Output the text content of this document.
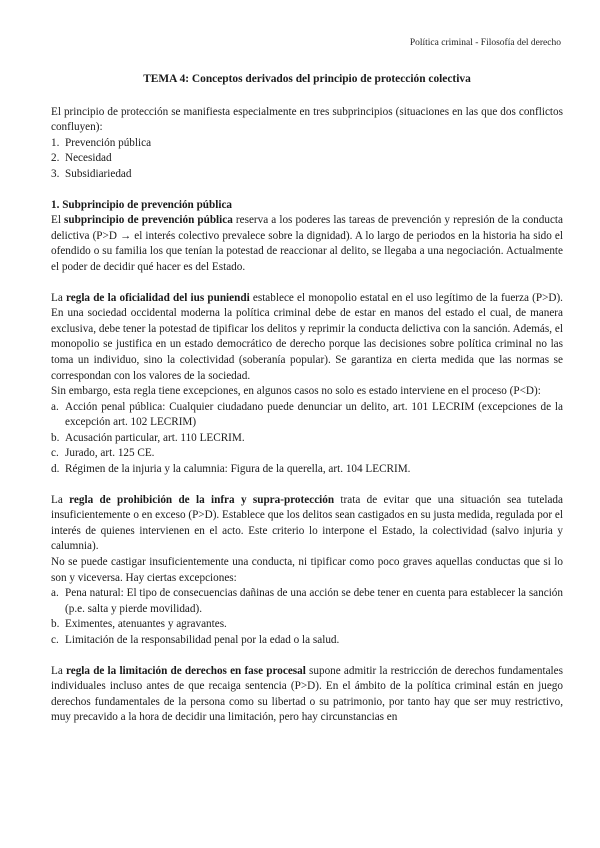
Política criminal - Filosofía del derecho

TEMA 4: Conceptos derivados del principio de protección colectiva

El principio de protección se manifiesta especialmente en tres subprincipios (situaciones en las que dos conflictos confluyen):

1. Prevención pública
2. Necesidad
3. Subsidiariedad

1. Subprincipio de prevención pública

El subprincipio de prevención pública reserva a los poderes las tareas de prevención y represión de la conducta delictiva (P>D → el interés colectivo prevalece sobre la dignidad). A lo largo de periodos en la historia ha sido el ofendido o su familia los que tenían la potestad de reaccionar al delito, se llegaba a una negociación. Actualmente el poder de decidir qué hacer es del Estado.

La regla de la oficialidad del ius puniendi establece el monopolio estatal en el uso legítimo de la fuerza (P>D). En una sociedad occidental moderna la política criminal debe de estar en manos del estado el cual, de manera exclusiva, debe tener la potestad de tipificar los delitos y reprimir la conducta delictiva con la sanción. Además, el monopolio se justifica en un estado democrático de derecho porque las decisiones sobre política criminal no las toma un individuo, sino la colectividad (soberanía popular). Se garantiza en cierta medida que las normas se correspondan con los valores de la sociedad.

Sin embargo, esta regla tiene excepciones, en algunos casos no solo es estado interviene en el proceso (P<D):

a. Acción penal pública: Cualquier ciudadano puede denunciar un delito, art. 101 LECRIM (excepciones de la excepción art. 102 LECRIM)
b. Acusación particular, art. 110 LECRIM.
c. Jurado, art. 125 CE.
d. Régimen de la injuria y la calumnia: Figura de la querella, art. 104 LECRIM.

La regla de prohibición de la infra y supra-protección trata de evitar que una situación sea tutelada insuficientemente o en exceso (P>D). Establece que los delitos sean castigados en su justa medida, regulada por el interés de quienes intervienen en el acto. Este criterio lo interpone el Estado, la colectividad (salvo injuria y calumnia).

No se puede castigar insuficientemente una conducta, ni tipificar como poco graves aquellas conductas que si lo son y viceversa. Hay ciertas excepciones:

a. Pena natural: El tipo de consecuencias dañinas de una acción se debe tener en cuenta para establecer la sanción (p.e. salta y pierde movilidad).
b. Eximentes, atenuantes y agravantes.
c. Limitación de la responsabilidad penal por la edad o la salud.

La regla de la limitación de derechos en fase procesal supone admitir la restricción de derechos fundamentales individuales incluso antes de que recaiga sentencia (P>D). En el ámbito de la política criminal están en juego derechos fundamentales de la persona como su libertad o su patrimonio, por tanto hay que ser muy restrictivo, muy precavido a la hora de decidir una limitación, pero hay circunstancias en
